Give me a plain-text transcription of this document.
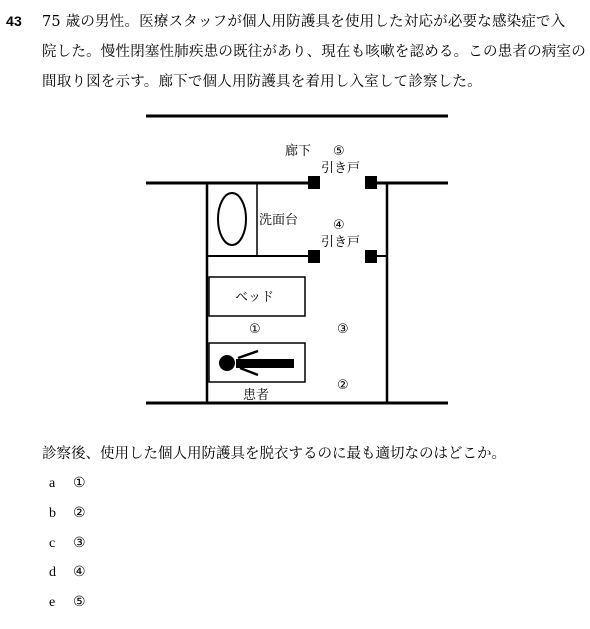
43 75 歳の男性。医療スタッフが個人用防護具を使用した対応が必要な感染症で入
院した。慢性閉塞性肺疾患の既往があり、現在も咳嗽を認める。この患者の病室の
間取り図を示す。廊下で個人用防護具を着用し入室して診察した。
廊下 ⑤
引き戸
洗面台	④
引き戸
ベッド
①	③
②
患者
診察後、使用した個人用防護具を脱衣するのに最も適切なのはどこか。
a ①
b ②
c ③
d ④
e ⑤
